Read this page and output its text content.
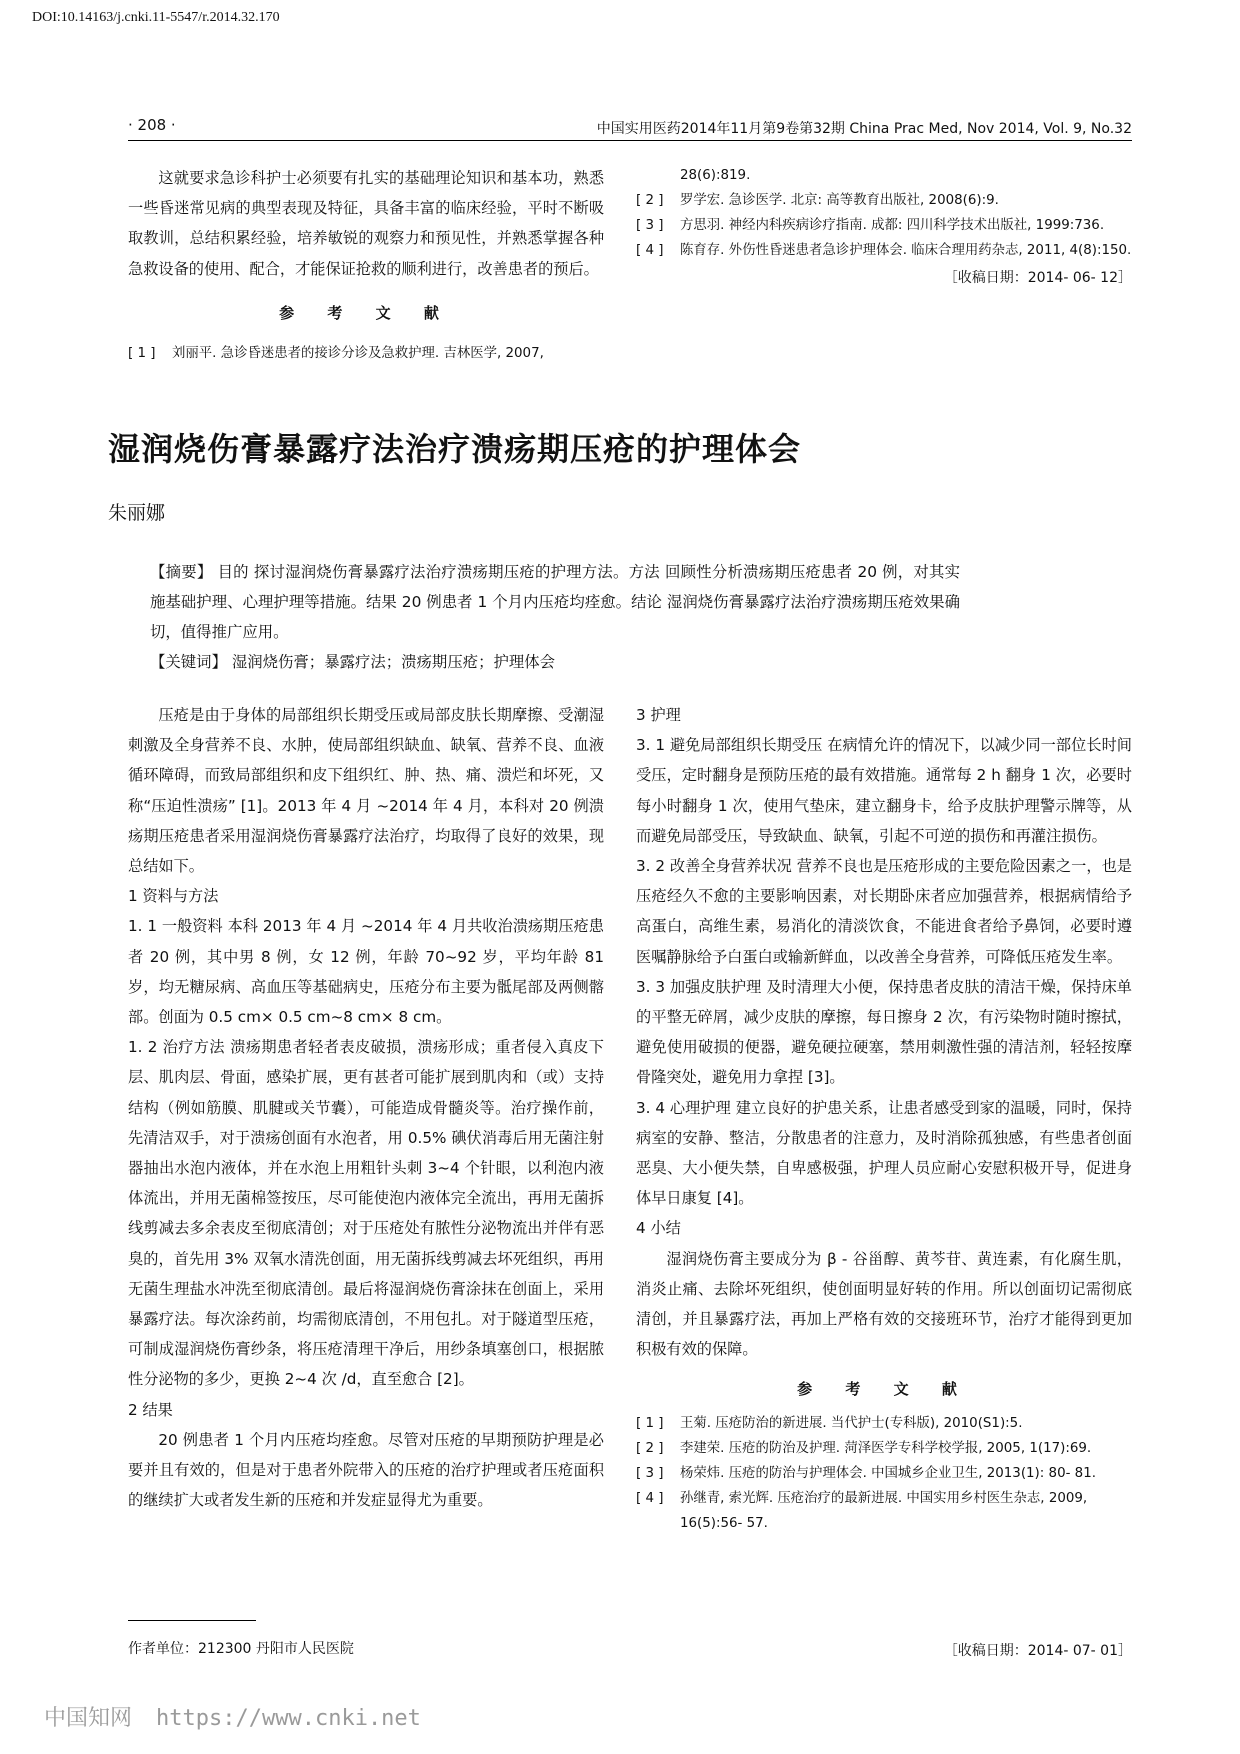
DOI:10.14163/j.cnki.11-5547/r.2014.32.170
· 208 ·	中国实用医药2014年11月第9卷第32期 China Prac Med, Nov 2014, Vol. 9, No.32

这就要求急诊科护士必须要有扎实的基础理论知识和基本功，熟悉一些昏迷常见病的典型表现及特征，具备丰富的临床经验，平时不断吸取教训，总结积累经验，培养敏锐的观察力和预见性，并熟悉掌握各种急救设备的使用、配合，才能保证抢救的顺利进行，改善患者的预后。

参 考 文 献
[ 1 ]	刘丽平. 急诊昏迷患者的接诊分诊及急救护理. 吉林医学, 2007,
28(6):819.
[ 2 ]	罗学宏. 急诊医学. 北京: 高等教育出版社, 2008(6):9.
[ 3 ]	方思羽. 神经内科疾病诊疗指南. 成都: 四川科学技术出版社, 1999:736.
[ 4 ]	陈育存. 外伤性昏迷患者急诊护理体会. 临床合理用药杂志, 2011, 4(8):150.
［收稿日期：2014- 06- 12］
湿润烧伤膏暴露疗法治疗溃疡期压疮的护理体会
朱丽娜

【摘要】 目的 探讨湿润烧伤膏暴露疗法治疗溃疡期压疮的护理方法。方法 回顾性分析溃疡期压疮患者 20 例，对其实施基础护理、心理护理等措施。结果 20 例患者 1 个月内压疮均痊愈。结论 湿润烧伤膏暴露疗法治疗溃疡期压疮效果确切，值得推广应用。

【关键词】 湿润烧伤膏；暴露疗法；溃疡期压疮；护理体会

压疮是由于身体的局部组织长期受压或局部皮肤长期摩擦、受潮湿刺激及全身营养不良、水肿，使局部组织缺血、缺氧、营养不良、血液循环障碍，而致局部组织和皮下组织红、肿、热、痛、溃烂和坏死，又称“压迫性溃疡” [1]。2013 年 4 月 ~2014 年 4 月，本科对 20 例溃疡期压疮患者采用湿润烧伤膏暴露疗法治疗，均取得了良好的效果，现总结如下。

1 资料与方法

1. 1 一般资料 本科 2013 年 4 月 ~2014 年 4 月共收治溃疡期压疮患者 20 例，其中男 8 例，女 12 例，年龄 70~92 岁，平均年龄 81 岁，均无糖尿病、高血压等基础病史，压疮分布主要为骶尾部及两侧髂部。创面为 0.5 cm× 0.5 cm~8 cm× 8 cm。

1. 2 治疗方法 溃疡期患者轻者表皮破损，溃疡形成；重者侵入真皮下层、肌肉层、骨面，感染扩展，更有甚者可能扩展到肌肉和（或）支持结构（例如筋膜、肌腱或关节囊），可能造成骨髓炎等。治疗操作前，先清洁双手，对于溃疡创面有水泡者，用 0.5% 碘伏消毒后用无菌注射器抽出水泡内液体，并在水泡上用粗针头刺 3~4 个针眼，以利泡内液体流出，并用无菌棉签按压，尽可能使泡内液体完全流出，再用无菌拆线剪减去多余表皮至彻底清创；对于压疮处有脓性分泌物流出并伴有恶臭的，首先用 3% 双氧水清洗创面，用无菌拆线剪减去坏死组织，再用无菌生理盐水冲洗至彻底清创。最后将湿润烧伤膏涂抹在创面上，采用暴露疗法。每次涂药前，均需彻底清创，不用包扎。对于隧道型压疮，可制成湿润烧伤膏纱条，将压疮清理干净后，用纱条填塞创口，根据脓性分泌物的多少，更换 2~4 次 /d，直至愈合 [2]。

2 结果

20 例患者 1 个月内压疮均痊愈。尽管对压疮的早期预防护理是必要并且有效的，但是对于患者外院带入的压疮的治疗护理或者压疮面积的继续扩大或者发生新的压疮和并发症显得尤为重要。

3 护理

3. 1 避免局部组织长期受压 在病情允许的情况下，以减少同一部位长时间受压，定时翻身是预防压疮的最有效措施。通常每 2 h 翻身 1 次，必要时每小时翻身 1 次，使用气垫床，建立翻身卡，给予皮肤护理警示牌等，从而避免局部受压，导致缺血、缺氧，引起不可逆的损伤和再灌注损伤。

3. 2 改善全身营养状况 营养不良也是压疮形成的主要危险因素之一，也是压疮经久不愈的主要影响因素，对长期卧床者应加强营养，根据病情给予高蛋白，高维生素，易消化的清淡饮食，不能进食者给予鼻饲，必要时遵医嘱静脉给予白蛋白或输新鲜血，以改善全身营养，可降低压疮发生率。

3. 3 加强皮肤护理 及时清理大小便，保持患者皮肤的清洁干燥，保持床单的平整无碎屑，减少皮肤的摩擦，每日擦身 2 次，有污染物时随时擦拭，避免使用破损的便器，避免硬拉硬塞，禁用刺激性强的清洁剂，轻轻按摩骨隆突处，避免用力拿捏 [3]。

3. 4 心理护理 建立良好的护患关系，让患者感受到家的温暖，同时，保持病室的安静、整洁，分散患者的注意力，及时消除孤独感，有些患者创面恶臭、大小便失禁，自卑感极强，护理人员应耐心安慰积极开导，促进身体早日康复 [4]。

4 小结

湿润烧伤膏主要成分为 β - 谷甾醇、黄芩苷、黄连素，有化腐生肌，消炎止痛、去除坏死组织，使创面明显好转的作用。所以创面切记需彻底清创，并且暴露疗法，再加上严格有效的交接班环节，治疗才能得到更加积极有效的保障。

参 考 文 献
[ 1 ]	王菊. 压疮防治的新进展. 当代护士(专科版), 2010(S1):5.
[ 2 ]	李建荣. 压疮的防治及护理. 菏泽医学专科学校学报, 2005, 1(17):69.
[ 3 ]	杨荣炜. 压疮的防治与护理体会. 中国城乡企业卫生, 2013(1): 80- 81.
[ 4 ]	孙继青, 索光辉. 压疮治疗的最新进展. 中国实用乡村医生杂志, 2009, 16(5):56- 57.
［收稿日期：2014- 07- 01］
作者单位：212300 丹阳市人民医院
中国知网 https://www.cnki.net
